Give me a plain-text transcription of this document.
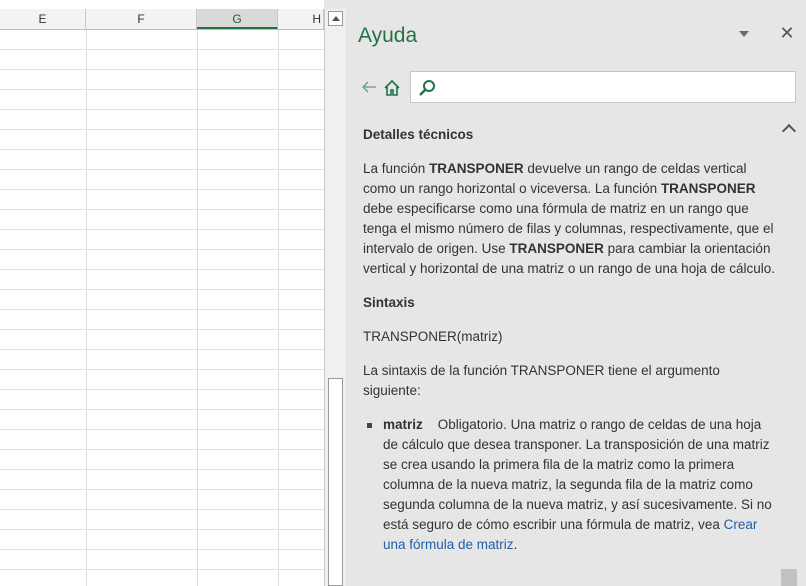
E	F	G	H
Ayuda	✕
Detalles técnicos

La función TRANSPONER devuelve un rango de celdas vertical como un rango horizontal o viceversa. La función TRANSPONER debe especificarse como una fórmula de matriz en un rango que tenga el mismo número de filas y columnas, respectivamente, que el intervalo de origen. Use TRANSPONER para cambiar la orientación vertical y horizontal de una matriz o un rango de una hoja de cálculo.

Sintaxis

TRANSPONER(matriz)

La sintaxis de la función TRANSPONER tiene el argumento siguiente:

matriz Obligatorio. Una matriz o rango de celdas de una hoja de cálculo que desea transponer. La transposición de una matriz se crea usando la primera fila de la matriz como la primera columna de la nueva matriz, la segunda fila de la matriz como segunda columna de la nueva matriz, y así sucesivamente. Si no está seguro de cómo escribir una fórmula de matriz, vea Crear una fórmula de matriz.
